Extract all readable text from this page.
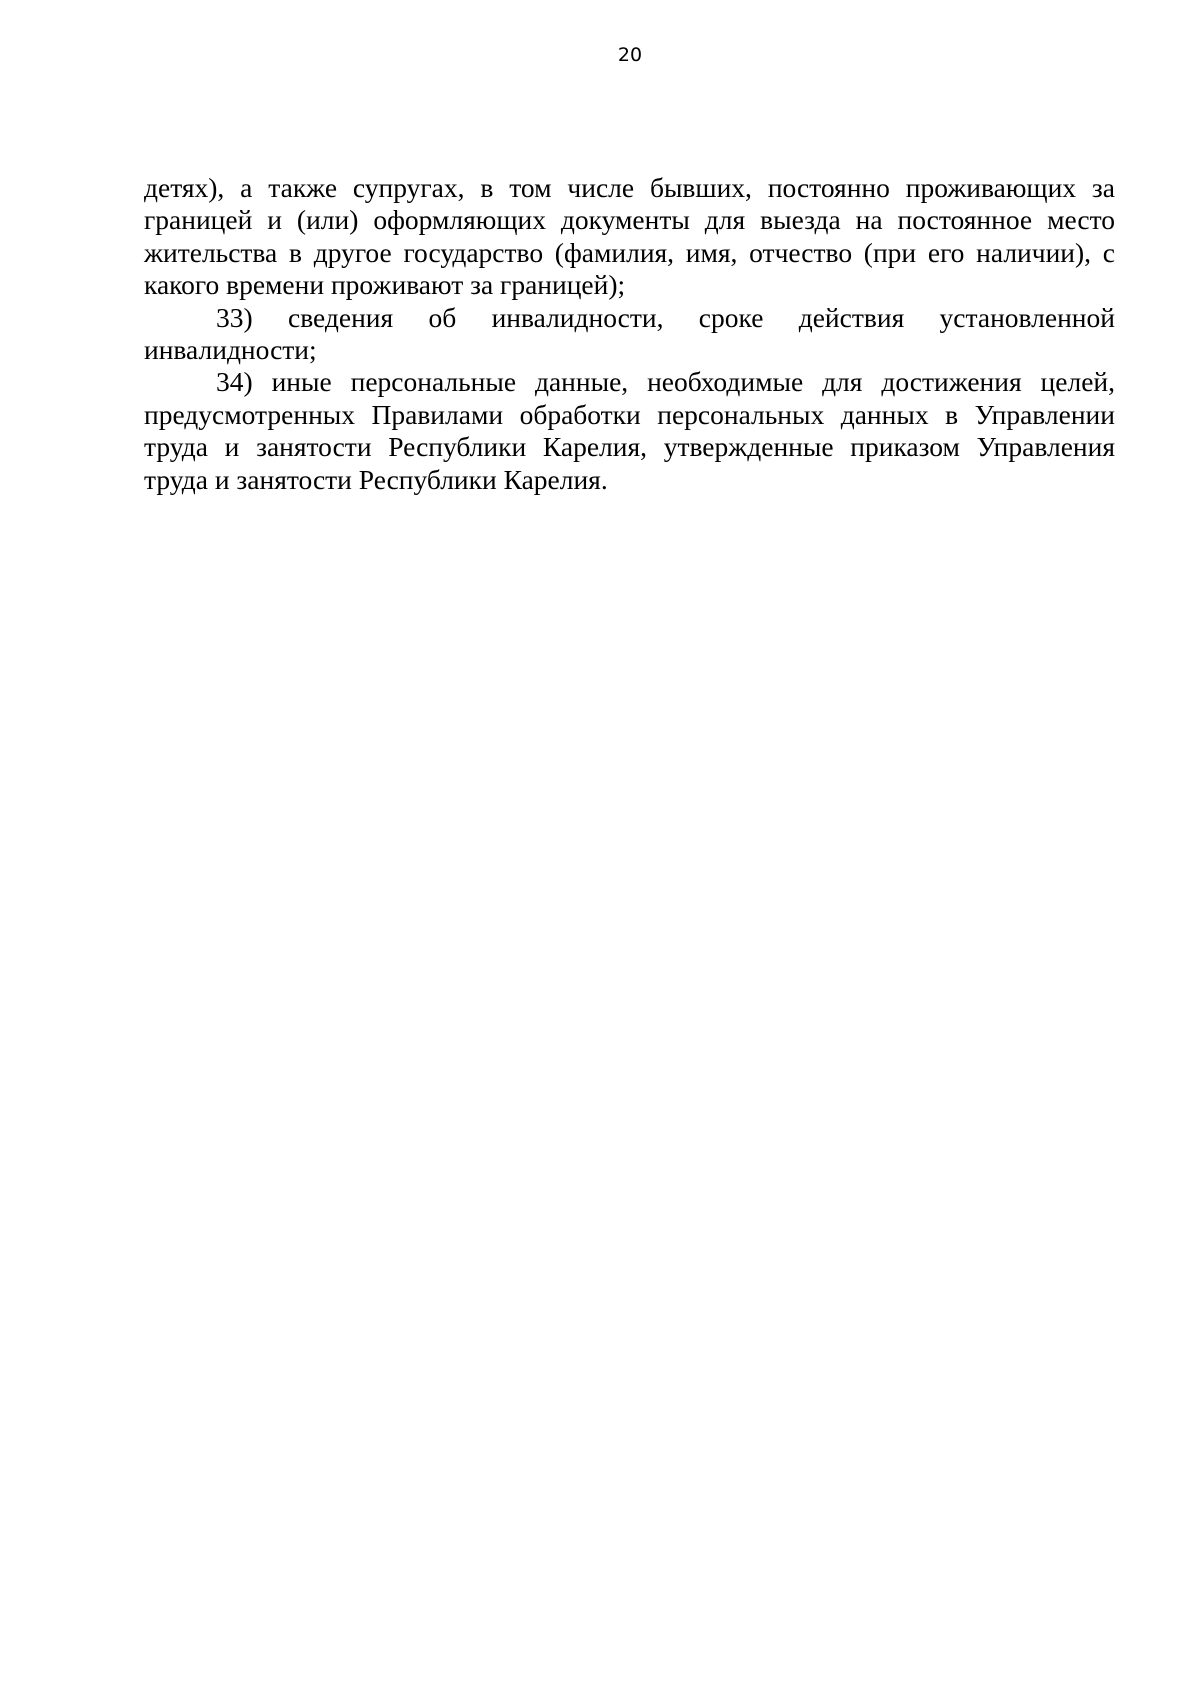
20

детях), а также супругах, в том числе бывших, постоянно проживающих за границей и (или) оформляющих документы для выезда на постоянное место жительства в другое государство (фамилия, имя, отчество (при его наличии), с какого времени проживают за границей);

33) сведения об инвалидности, сроке действия установленной инвалидности;

34) иные персональные данные, необходимые для достижения целей, предусмотренных Правилами обработки персональных данных в Управлении труда и занятости Республики Карелия, утвержденные приказом Управления труда и занятости Республики Карелия.
